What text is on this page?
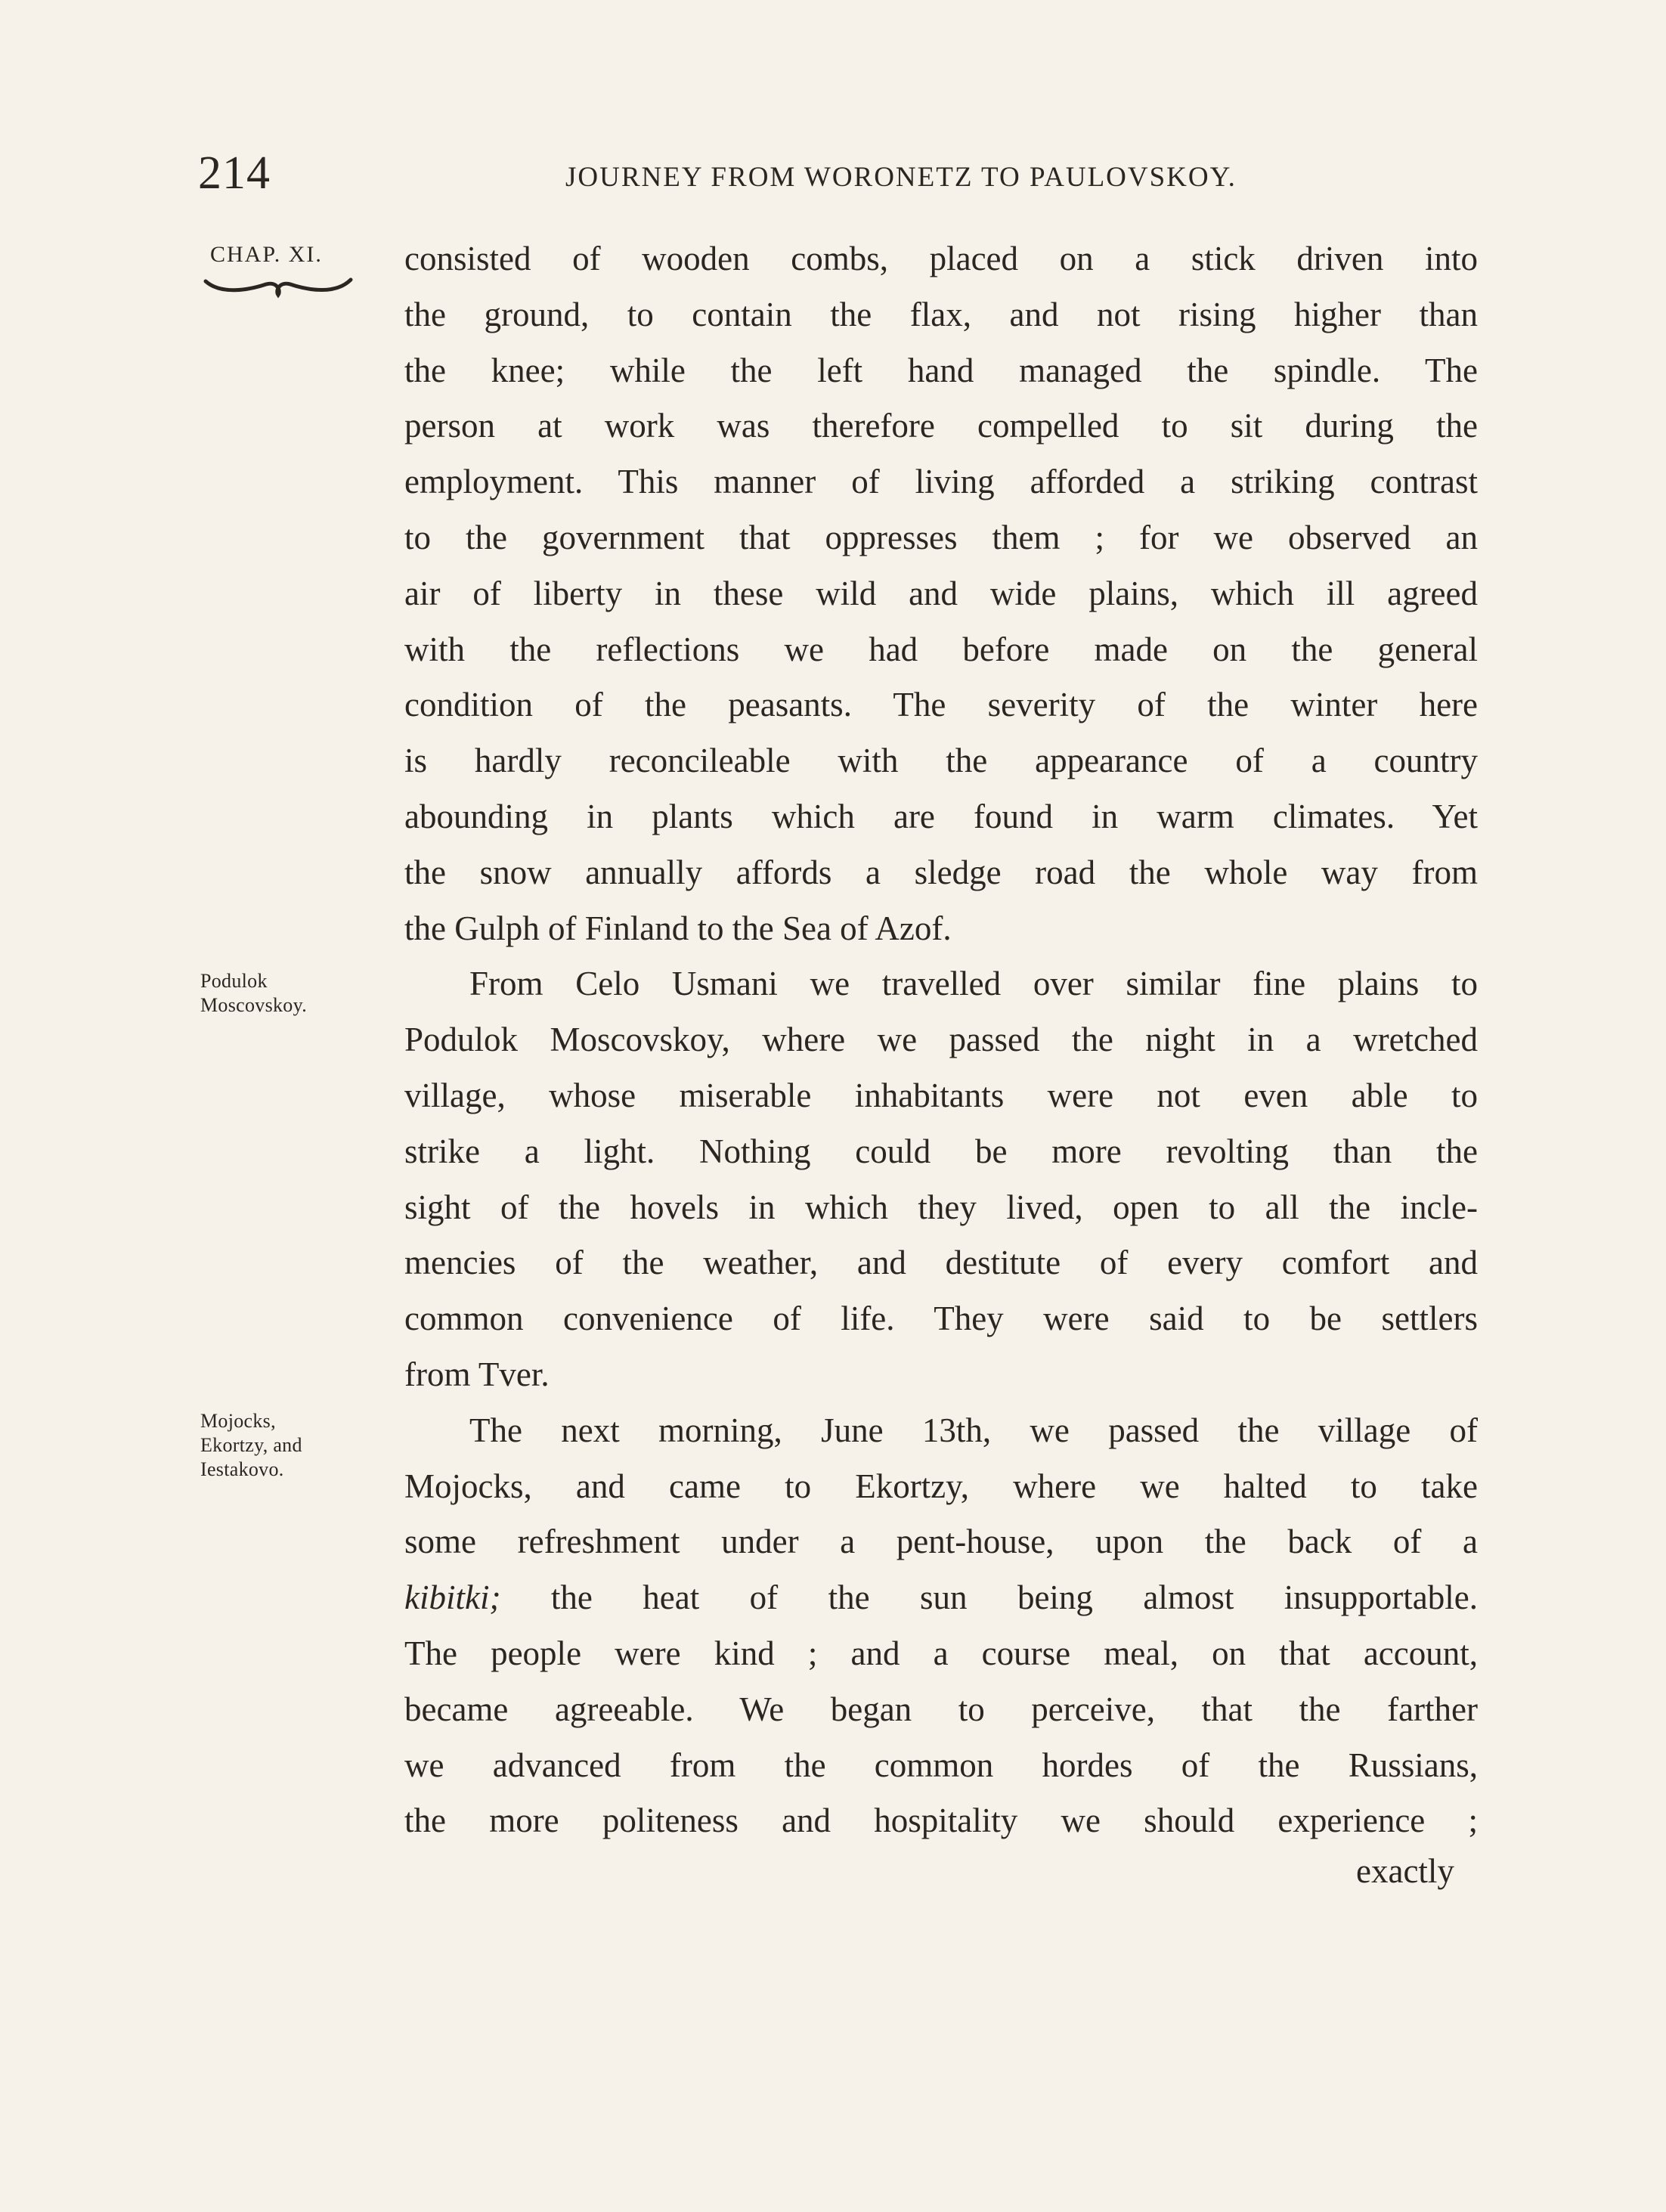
214	JOURNEY FROM WORONETZ TO PAULOVSKOY.
CHAP. XI.
Podulok
Moscovskoy.
Mojocks,
Ekortzy, and
Iestakovo.
consisted of wooden combs, placed on a stick driven into
the ground, to contain the flax, and not rising higher than
the knee; while the left hand managed the spindle. The
person at work was therefore compelled to sit during the
employment. This manner of living afforded a striking contrast
to the government that oppresses them ; for we observed an
air of liberty in these wild and wide plains, which ill agreed
with the reflections we had before made on the general
condition of the peasants. The severity of the winter here
is hardly reconcileable with the appearance of a country
abounding in plants which are found in warm climates. Yet
the snow annually affords a sledge road the whole way from
the Gulph of Finland to the Sea of Azof.
From Celo Usmani we travelled over similar fine plains to
Podulok Moscovskoy, where we passed the night in a wretched
village, whose miserable inhabitants were not even able to
strike a light. Nothing could be more revolting than the
sight of the hovels in which they lived, open to all the incle-
mencies of the weather, and destitute of every comfort and
common convenience of life. They were said to be settlers
from Tver.
The next morning, June 13th, we passed the village of
Mojocks, and came to Ekortzy, where we halted to take
some refreshment under a pent-house, upon the back of a
kibitki; the heat of the sun being almost insupportable.
The people were kind ; and a course meal, on that account,
became agreeable. We began to perceive, that the farther
we advanced from the common hordes of the Russians,
the more politeness and hospitality we should experience ;
exactly
